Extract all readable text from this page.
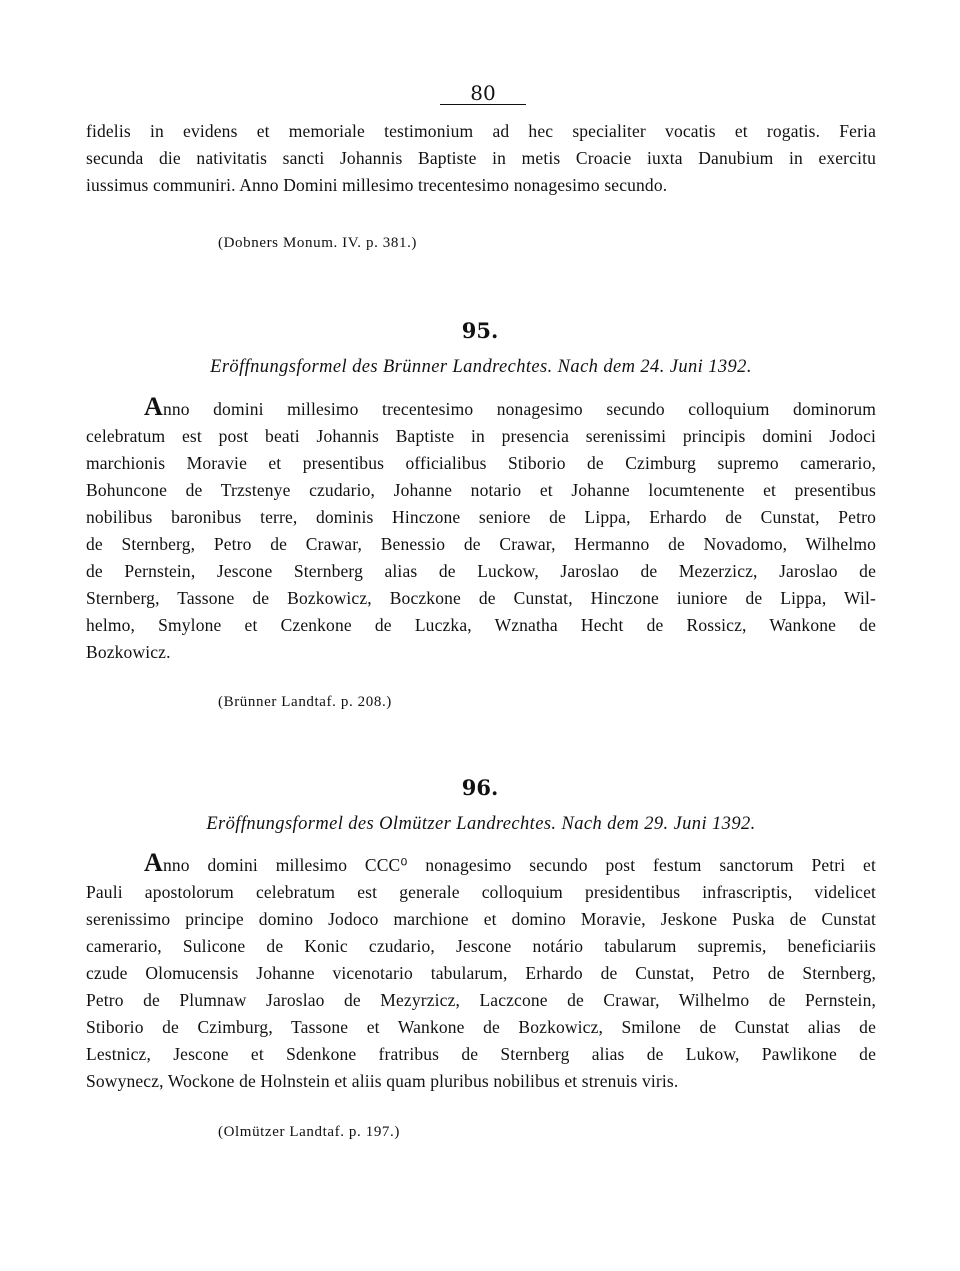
80
fidelis in evidens et memoriale testimonium ad hec specialiter vocatis et rogatis. Feria
secunda die nativitatis sancti Johannis Baptiste in metis Croacie iuxta Danubium in exercitu
iussimus communiri. Anno Domini millesimo trecentesimo nonagesimo secundo.
(Dobners Monum. IV. p. 381.)
95.
Eröffnungsformel des Brünner Landrechtes. Nach dem 24. Juni 1392.
Anno domini millesimo trecentesimo nonagesimo secundo colloquium dominorum
celebratum est post beati Johannis Baptiste in presencia serenissimi principis domini Jodoci
marchionis Moravie et presentibus officialibus Stiborio de Czimburg supremo camerario,
Bohuncone de Trzstenye czudario, Johanne notario et Johanne locumtenente et presentibus
nobilibus baronibus terre, dominis Hinczone seniore de Lippa, Erhardo de Cunstat, Petro
de Sternberg, Petro de Crawar, Benessio de Crawar, Hermanno de Novadomo, Wilhelmo
de Pernstein, Jescone Sternberg alias de Luckow, Jaroslao de Mezerzicz, Jaroslao de
Sternberg, Tassone de Bozkowicz, Boczkone de Cunstat, Hinczone iuniore de Lippa, Wil-
helmo, Smylone et Czenkone de Luczka, Wznatha Hecht de Rossicz, Wankone de
Bozkowicz.
(Brünner Landtaf. p. 208.)
96.
Eröffnungsformel des Olmützer Landrechtes. Nach dem 29. Juni 1392.
Anno domini millesimo CCC⁰ nonagesimo secundo post festum sanctorum Petri et
Pauli apostolorum celebratum est generale colloquium presidentibus infrascriptis, videlicet
serenissimo principe domino Jodoco marchione et domino Moravie, Jeskone Puska de Cunstat
camerario, Sulicone de Konic czudario, Jescone notário tabularum supremis, beneficiariis
czude Olomucensis Johanne vicenotario tabularum, Erhardo de Cunstat, Petro de Sternberg,
Petro de Plumnaw Jaroslao de Mezyrzicz, Laczcone de Crawar, Wilhelmo de Pernstein,
Stiborio de Czimburg, Tassone et Wankone de Bozkowicz, Smilone de Cunstat alias de
Lestnicz, Jescone et Sdenkone fratribus de Sternberg alias de Lukow, Pawlikone de
Sowynecz, Wockone de Holnstein et aliis quam pluribus nobilibus et strenuis viris.
(Olmützer Landtaf. p. 197.)
